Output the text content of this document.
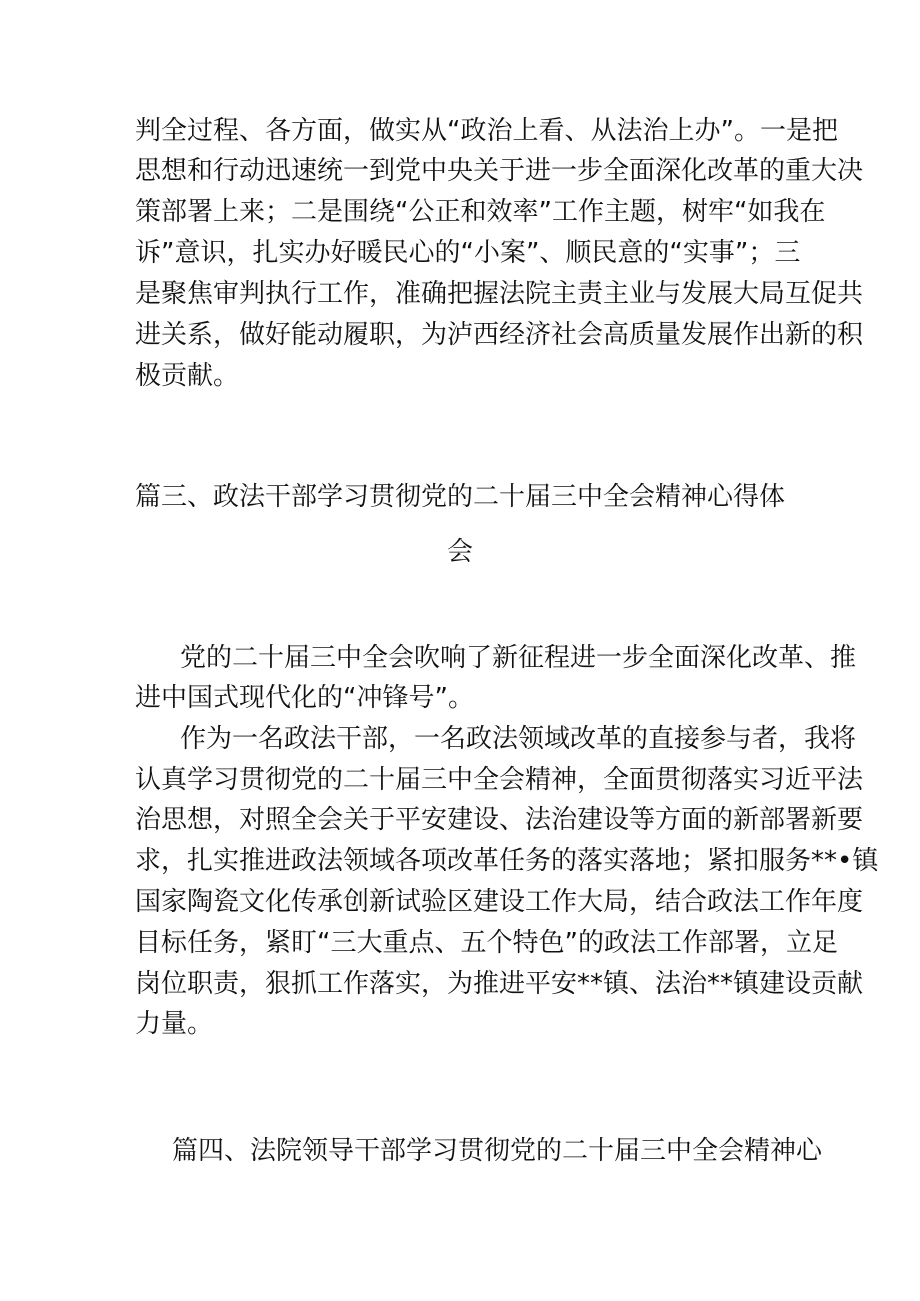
判全过程、各方面，做实从“政治上看、从法治上办”。一是把
思想和行动迅速统一到党中央关于进一步全面深化改革的重大决
策部署上来；二是围绕“公正和效率”工作主题，树牢“如我在
诉”意识，扎实办好暖民心的“小案”、顺民意的“实事”；三
是聚焦审判执行工作，准确把握法院主责主业与发展大局互促共
进关系，做好能动履职，为泸西经济社会高质量发展作出新的积
极贡献。
篇三、政法干部学习贯彻党的二十届三中全会精神心得体
会
党的二十届三中全会吹响了新征程进一步全面深化改革、推
进中国式现代化的“冲锋号”。
作为一名政法干部，一名政法领域改革的直接参与者，我将
认真学习贯彻党的二十届三中全会精神，全面贯彻落实习近平法
治思想，对照全会关于平安建设、法治建设等方面的新部署新要
求，扎实推进政法领域各项改革任务的落实落地；紧扣服务**•镇
国家陶瓷文化传承创新试验区建设工作大局，结合政法工作年度
目标任务，紧盯“三大重点、五个特色”的政法工作部署，立足
岗位职责，狠抓工作落实，为推进平安**镇、法治**镇建设贡献
力量。
篇四、法院领导干部学习贯彻党的二十届三中全会精神心
